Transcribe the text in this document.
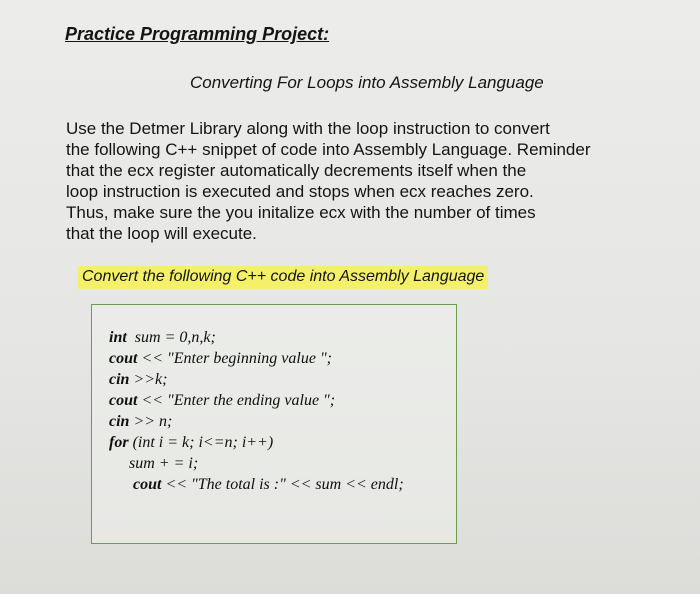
Practice Programming Project:
Converting For Loops into Assembly Language
Use the Detmer Library along with the loop instruction to convert
the following C++ snippet of code into Assembly Language. Reminder
that the ecx register automatically decrements itself when the
loop instruction is executed and stops when ecx reaches zero.
Thus, make sure the you initalize ecx with the number of times
that the loop will execute.
Convert the following C++ code into Assembly Language
int  sum = 0,n,k;
cout << "Enter beginning value ";
cin >>k;
cout << "Enter the ending value ";
cin >> n;
for (int i = k; i<=n; i++)
sum + = i;
cout << "The total is :" << sum << endl;
